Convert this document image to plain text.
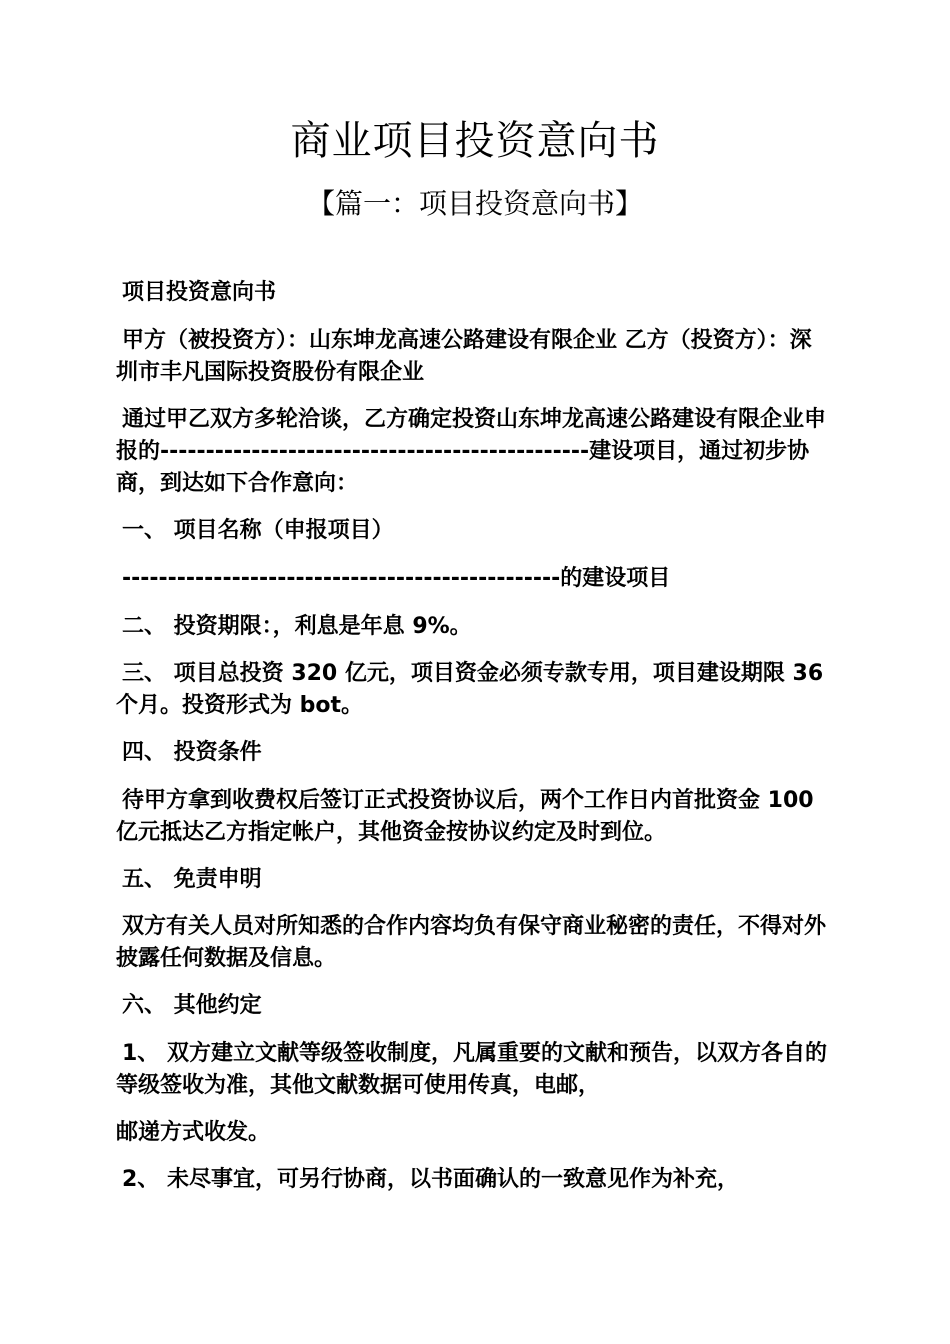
商业项目投资意向书
【篇一：项目投资意向书】

项目投资意向书

甲方（被投资方）：山东坤龙高速公路建设有限企业 乙方（投资方）：深圳市丰凡国际投资股份有限企业

通过甲乙双方多轮洽谈，乙方确定投资山东坤龙高速公路建设有限企业申报的-----------------------------------------------建设项目，通过初步协商，到达如下合作意向：

一、 项目名称（申报项目）

------------------------------------------------的建设项目

二、 投资期限：，利息是年息 9%。

三、 项目总投资 320 亿元，项目资金必须专款专用，项目建设期限 36 个月。投资形式为 bot。

四、 投资条件

待甲方拿到收费权后签订正式投资协议后，两个工作日内首批资金 100 亿元抵达乙方指定帐户，其他资金按协议约定及时到位。

五、 免责申明

双方有关人员对所知悉的合作内容均负有保守商业秘密的责任，不得对外披露任何数据及信息。

六、 其他约定

1、 双方建立文献等级签收制度，凡属重要的文献和预告，以双方各自的等级签收为准，其他文献数据可使用传真，电邮，

邮递方式收发。

2、 未尽事宜，可另行协商，以书面确认的一致意见作为补充，
